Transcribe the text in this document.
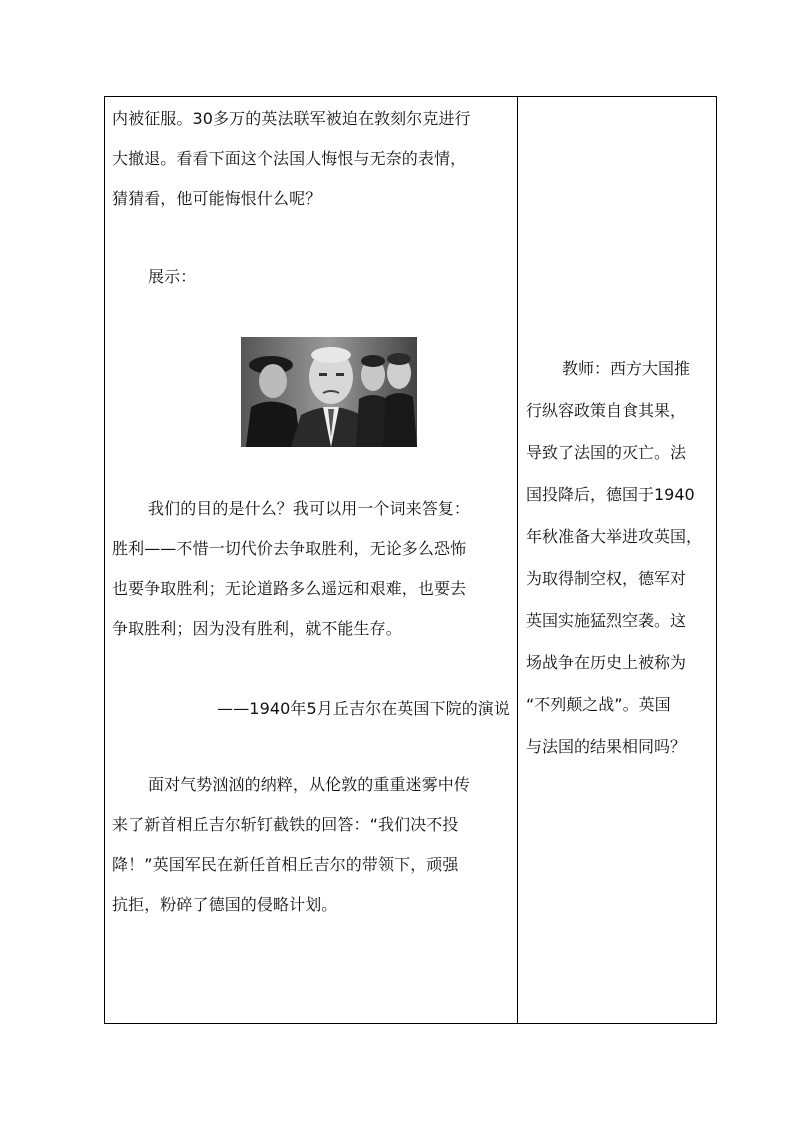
内被征服。30多万的英法联军被迫在敦刻尔克进行
大撤退。看看下面这个法国人悔恨与无奈的表情，
猜猜看，他可能悔恨什么呢？
展示：
我们的目的是什么？我可以用一个词来答复：
胜利——不惜一切代价去争取胜利，无论多么恐怖
也要争取胜利；无论道路多么遥远和艰难，也要去
争取胜利；因为没有胜利，就不能生存。
——1940年5月丘吉尔在英国下院的演说
面对气势汹汹的纳粹，从伦敦的重重迷雾中传
来了新首相丘吉尔斩钉截铁的回答：“我们决不投
降！”英国军民在新任首相丘吉尔的带领下，顽强
抗拒，粉碎了德国的侵略计划。
教师：西方大国推
行纵容政策自食其果，
导致了法国的灭亡。法
国投降后，德国于1940
年秋准备大举进攻英国，
为取得制空权，德军对
英国实施猛烈空袭。这
场战争在历史上被称为
“不列颠之战”。英国
与法国的结果相同吗？
